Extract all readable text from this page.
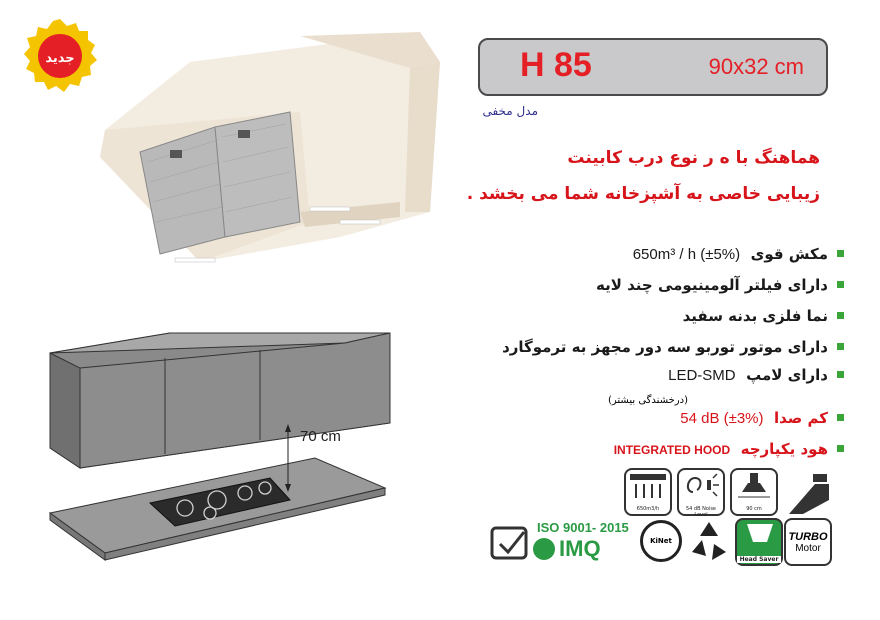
جدید	H 85	90x32 cm
مدل مخفی
هماهنگ با ه ر نوع درب کابینت
زیبایی خاصی به آشپزخانه شما می بخشد .
مکش قوی  650m³ / h (±5%)
دارای فیلتر آلومینیومی چند لایه
نما فلزی بدنه سفید
دارای موتور توربو سه دور مجهز به ترموگارد
دارای لامپ  LED-SMD
(درخشندگی بیشتر)
کم صدا  54 dB (±3%)
هود یکپارچه  INTEGRATED HOOD
70 cm
650m3/h	54 dB Noise Level
90 cm
ISO 9001- 2015
IMQ	KiNet
Head Saver
TURBO
Motor
